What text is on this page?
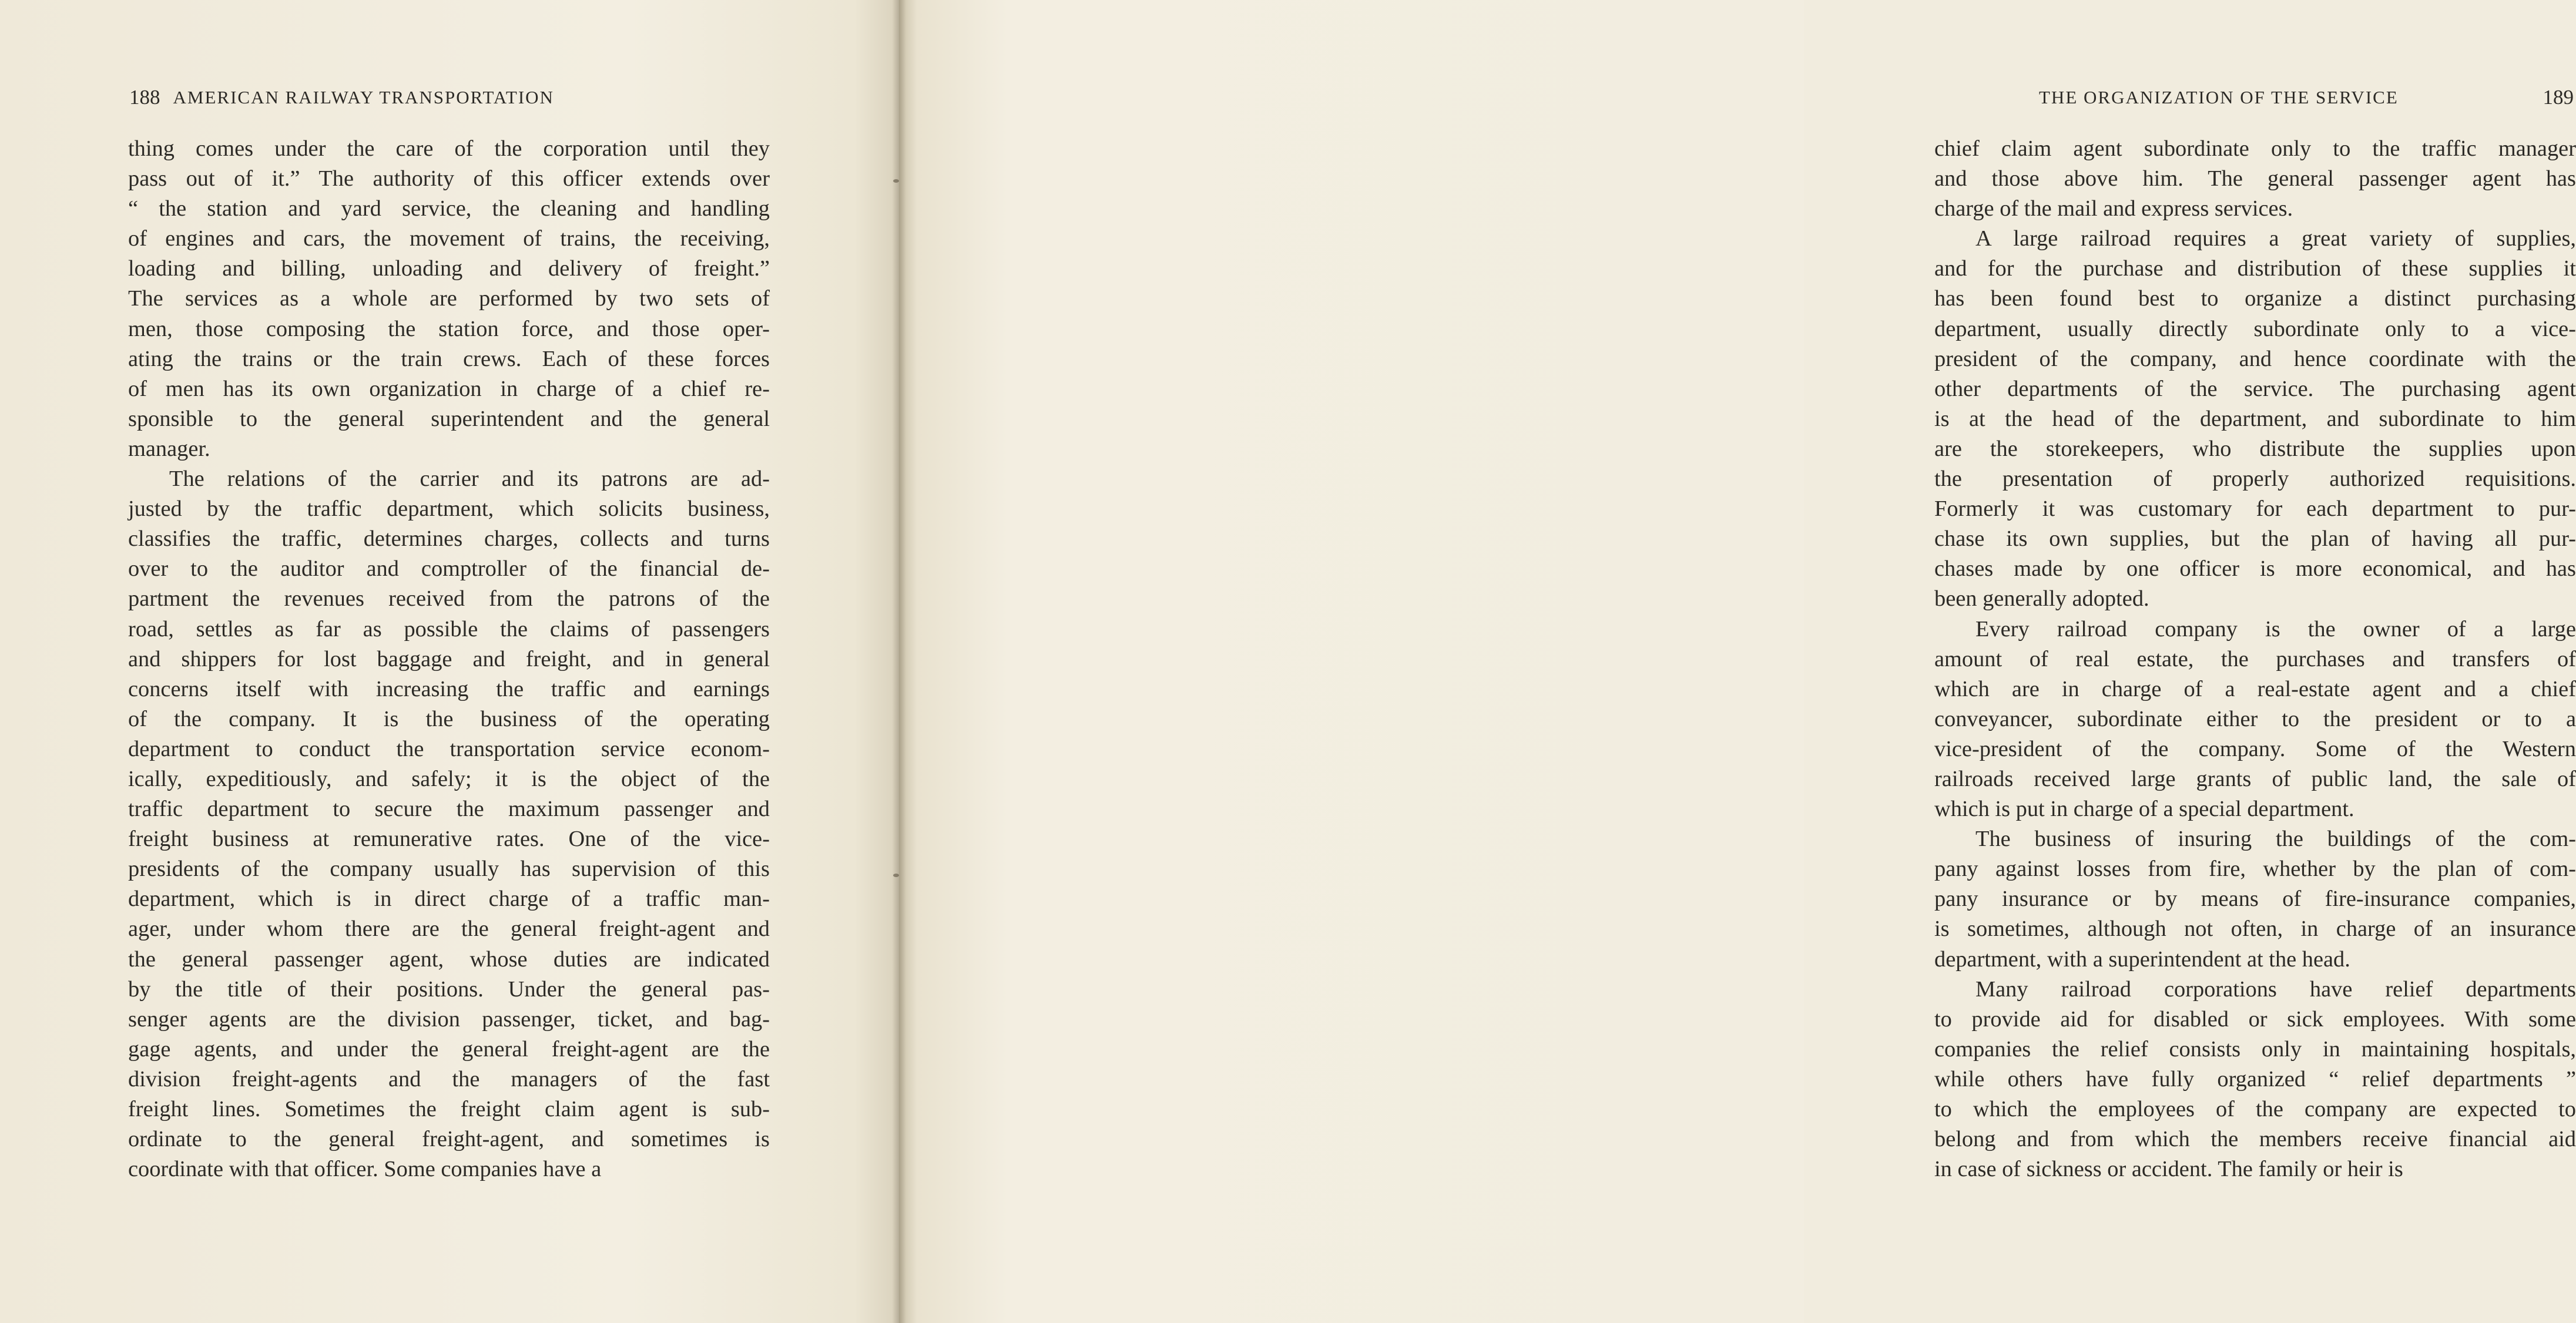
188 AMERICAN RAILWAY TRANSPORTATION
thing comes under the care of the corporation until they
pass out of it.” The authority of this officer extends over
“ the station and yard service, the cleaning and handling
of engines and cars, the movement of trains, the receiving,
loading and billing, unloading and delivery of freight.”
The services as a whole are performed by two sets of
men, those composing the station force, and those oper-
ating the trains or the train crews. Each of these forces
of men has its own organization in charge of a chief re-
sponsible to the general superintendent and the general
manager.
The relations of the carrier and its patrons are ad-
justed by the traffic department, which solicits business,
classifies the traffic, determines charges, collects and turns
over to the auditor and comptroller of the financial de-
partment the revenues received from the patrons of the
road, settles as far as possible the claims of passengers
and shippers for lost baggage and freight, and in general
concerns itself with increasing the traffic and earnings
of the company. It is the business of the operating
department to conduct the transportation service econom-
ically, expeditiously, and safely; it is the object of the
traffic department to secure the maximum passenger and
freight business at remunerative rates. One of the vice-
presidents of the company usually has supervision of this
department, which is in direct charge of a traffic man-
ager, under whom there are the general freight-agent and
the general passenger agent, whose duties are indicated
by the title of their positions. Under the general pas-
senger agents are the division passenger, ticket, and bag-
gage agents, and under the general freight-agent are the
division freight-agents and the managers of the fast
freight lines. Sometimes the freight claim agent is sub-
ordinate to the general freight-agent, and sometimes is
coordinate with that officer. Some companies have a
THE ORGANIZATION OF THE SERVICE	189
chief claim agent subordinate only to the traffic manager
and those above him. The general passenger agent has
charge of the mail and express services.
A large railroad requires a great variety of supplies,
and for the purchase and distribution of these supplies it
has been found best to organize a distinct purchasing
department, usually directly subordinate only to a vice-
president of the company, and hence coordinate with the
other departments of the service. The purchasing agent
is at the head of the department, and subordinate to him
are the storekeepers, who distribute the supplies upon
the presentation of properly authorized requisitions.
Formerly it was customary for each department to pur-
chase its own supplies, but the plan of having all pur-
chases made by one officer is more economical, and has
been generally adopted.
Every railroad company is the owner of a large
amount of real estate, the purchases and transfers of
which are in charge of a real-estate agent and a chief
conveyancer, subordinate either to the president or to a
vice-president of the company. Some of the Western
railroads received large grants of public land, the sale of
which is put in charge of a special department.
The business of insuring the buildings of the com-
pany against losses from fire, whether by the plan of com-
pany insurance or by means of fire-insurance companies,
is sometimes, although not often, in charge of an insurance
department, with a superintendent at the head.
Many railroad corporations have relief departments
to provide aid for disabled or sick employees. With some
companies the relief consists only in maintaining hospitals,
while others have fully organized “ relief departments ”
to which the employees of the company are expected to
belong and from which the members receive financial aid
in case of sickness or accident. The family or heir is
